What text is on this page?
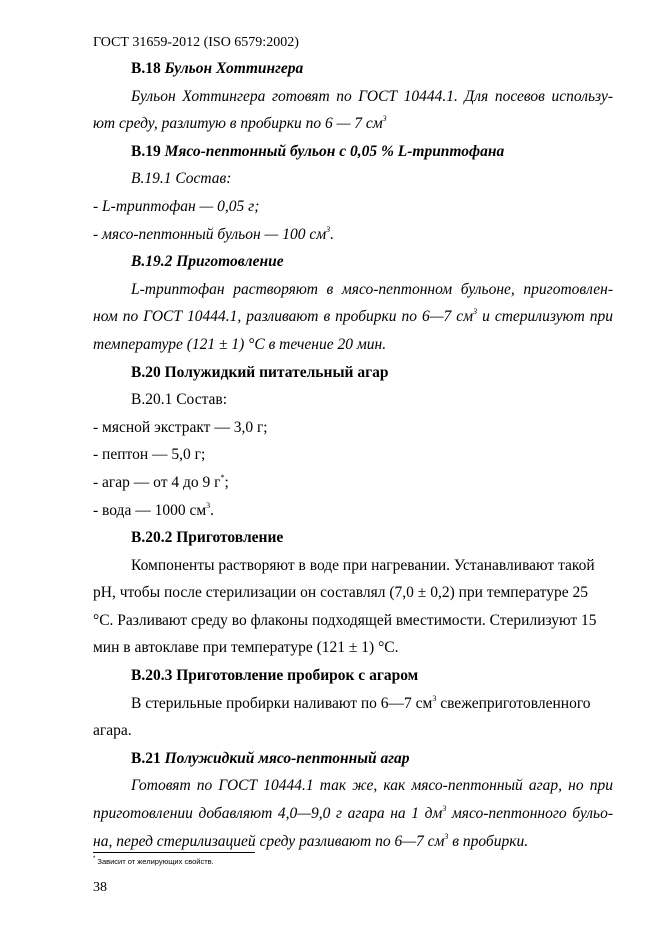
ГОСТ 31659-2012 (ISO 6579:2002)
В.18 Бульон Хоттингера
Бульон Хоттингера готовят по ГОСТ 10444.1. Для посевов использу-
ют среду, разлитую в пробирки по 6 — 7 $см^3$
В.19 Мясо-пептонный бульон с 0,05 % L-триптофана
В.19.1 Состав:
- L-триптофан — 0,05 г;
- мясо-пептонный бульон — 100 $см^3$.
В.19.2 Приготовление
L-триптофан растворяют в мясо-пептонном бульоне, приготовлен-
ном по ГОСТ 10444.1, разливают в пробирки по 6—7 $см^3$ и стерилизуют при
температуре (121 ± 1) °С в течение 20 мин.
В.20 Полужидкий питательный агар
В.20.1 Состав:
- мясной экстракт — 3,0 г;
- пептон — 5,0 г;
- агар — от 4 до 9 г*;
- вода — 1000 $см^3$.
В.20.2 Приготовление
Компоненты растворяют в воде при нагревании. Устанавливают такой
рН, чтобы после стерилизации он составлял (7,0 ± 0,2) при температуре 25
°С. Разливают среду во флаконы подходящей вместимости. Стерилизуют 15
мин в автоклаве при температуре (121 ± 1) °С.
В.20.3 Приготовление пробирок с агаром
В стерильные пробирки наливают по 6—7 $см^3$ свежеприготовленного
агара.
В.21 Полужидкий мясо-пептонный агар
Готовят по ГОСТ 10444.1 так же, как мясо-пептонный агар, но при
приготовлении добавляют 4,0—9,0 г агара на 1 $дм^3$ мясо-пептонного бульо-
на, перед стерилизацией среду разливают по 6—7 $см^3$ в пробирки.
* Зависит от желирующих свойств.
38
